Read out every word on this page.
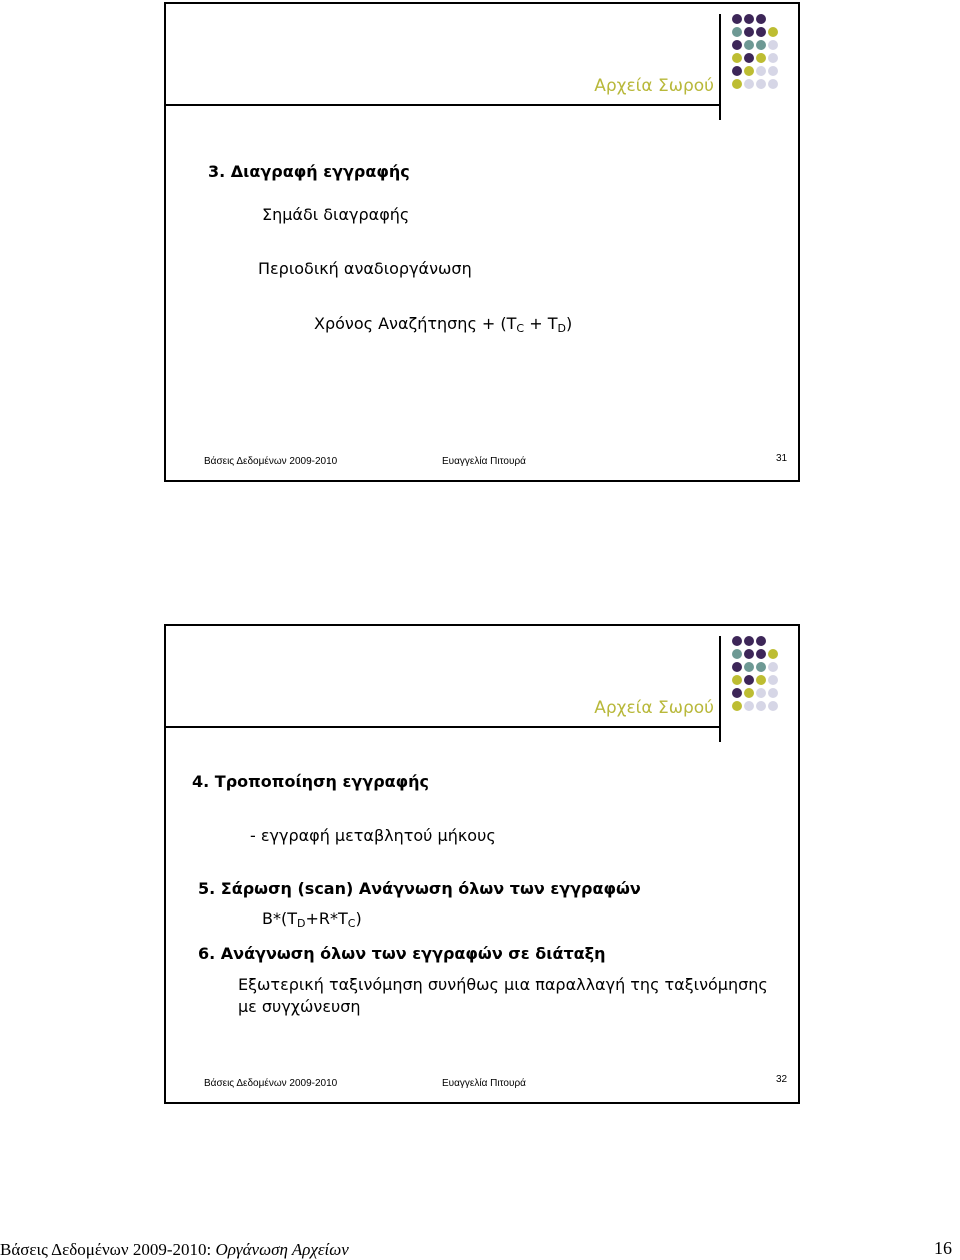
Αρχεία Σωρού
3. Διαγραφή εγγραφής
Σημάδι διαγραφής
Περιοδική αναδιοργάνωση
Χρόνος $A\nu\alpha\zeta ή\tau\eta\sigma\eta\varsigma + (T_C + T_D)$
Βάσεις Δεδομένων 2009-2010	Ευαγγελία Πιτουρά	31
Αρχεία Σωρού
4. Τροποποίηση εγγραφής
- εγγραφή μεταβλητού μήκους
5. Σάρωση (scan) Ανάγνωση όλων των εγγραφών
$B*(T_D+R*T_C)$
6. Ανάγνωση όλων των εγγραφών σε διάταξη
Εξωτερική ταξινόμηση συνήθως μια παραλλαγή της ταξινόμησης
με συγχώνευση
Βάσεις Δεδομένων 2009-2010	Ευαγγελία Πιτουρά	32
Βάσεις Δεδομένων 2009-2010: Οργάνωση Αρχείων	16
